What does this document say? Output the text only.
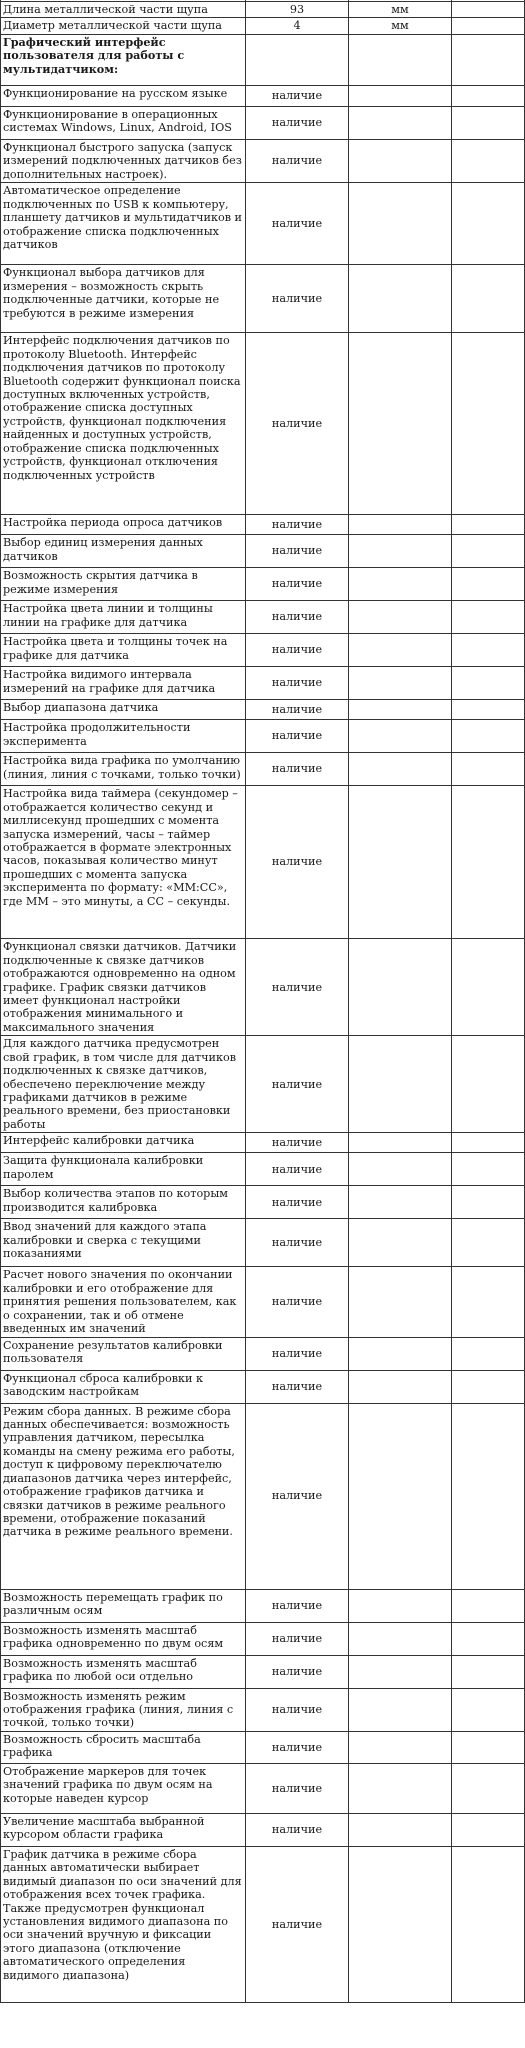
Длина металлической части щупа	93	мм	
Диаметр металлической части щупа	4	мм	
Графический интерфейс пользователя для работы с мультидатчиком:			
Функционирование на русском языке	наличие		
Функционирование в операционных системах Windows, Linux, Android, IOS	наличие		
Функционал быстрого запуска (запуск измерений подключенных датчиков без дополнительных настроек).	наличие		
Автоматическое определение подключенных по USB к компьютеру, планшету датчиков и мультидатчиков и отображение списка подключенных датчиков	наличие		
Функционал выбора датчиков для измерения – возможность скрыть подключенные датчики, которые не требуются в режиме измерения	наличие		
Интерфейс подключения датчиков по протоколу Bluetooth. Интерфейс подключения датчиков по протоколу Bluetooth содержит функционал поиска доступных включенных устройств, отображение списка доступных устройств, функционал подключения найденных и доступных устройств, отображение списка подключенных устройств, функционал отключения подключенных устройств	наличие		
Настройка периода опроса датчиков	наличие		
Выбор единиц измерения данных датчиков	наличие		
Возможность скрытия датчика в режиме измерения	наличие		
Настройка цвета линии и толщины линии на графике для датчика	наличие		
Настройка цвета и толщины точек на графике для датчика	наличие		
Настройка видимого интервала измерений на графике для датчика	наличие		
Выбор диапазона датчика	наличие		
Настройка продолжительности эксперимента	наличие		
Настройка вида графика по умолчанию (линия, линия с точками, только точки)	наличие		
Настройка вида таймера (секундомер – отображается количество секунд и миллисекунд прошедших с момента запуска измерений, часы – таймер отображается в формате электронных часов, показывая количество минут прошедших с момента запуска эксперимента по формату: «ММ:СС», где ММ – это минуты, а СС – секунды.	наличие		
Функционал связки датчиков. Датчики подключенные к связке датчиков отображаются одновременно на одном графике. График связки датчиков имеет функционал настройки отображения минимального и максимального значения	наличие		
Для каждого датчика предусмотрен свой график, в том числе для датчиков подключенных к связке датчиков, обеспечено переключение между графиками датчиков в режиме реального времени, без приостановки работы	наличие		
Интерфейс калибровки датчика	наличие		
Защита функционала калибровки паролем	наличие		
Выбор количества этапов по которым производится калибровка	наличие		
Ввод значений для каждого этапа калибровки и сверка с текущими показаниями	наличие		
Расчет нового значения по окончании калибровки и его отображение для принятия решения пользователем, как о сохранении, так и об отмене введенных им значений	наличие		
Сохранение результатов калибровки пользователя	наличие		
Функционал сброса калибровки к заводским настройкам	наличие		
Режим сбора данных. В режиме сбора данных обеспечивается: возможность управления датчиком, пересылка команды на смену режима его работы, доступ к цифровому переключателю диапазонов датчика через интерфейс, отображение графиков датчика и связки датчиков в режиме реального времени, отображение показаний датчика в режиме реального времени.	наличие		
Возможность перемещать график по различным осям	наличие		
Возможность изменять масштаб графика одновременно по двум осям	наличие		
Возможность изменять масштаб графика по любой оси отдельно	наличие		
Возможность изменять режим отображения графика (линия, линия с точкой, только точки)	наличие		
Возможность сбросить масштаба графика	наличие		
Отображение маркеров для точек значений графика по двум осям на которые наведен курсор	наличие		
Увеличение масштаба выбранной курсором области графика	наличие		
График датчика в режиме сбора данных автоматически выбирает видимый диапазон по оси значений для отображения всех точек графика. Также предусмотрен функционал установления видимого диапазона по оси значений вручную и фиксации этого диапазона (отключение автоматического определения видимого диапазона)	наличие		
